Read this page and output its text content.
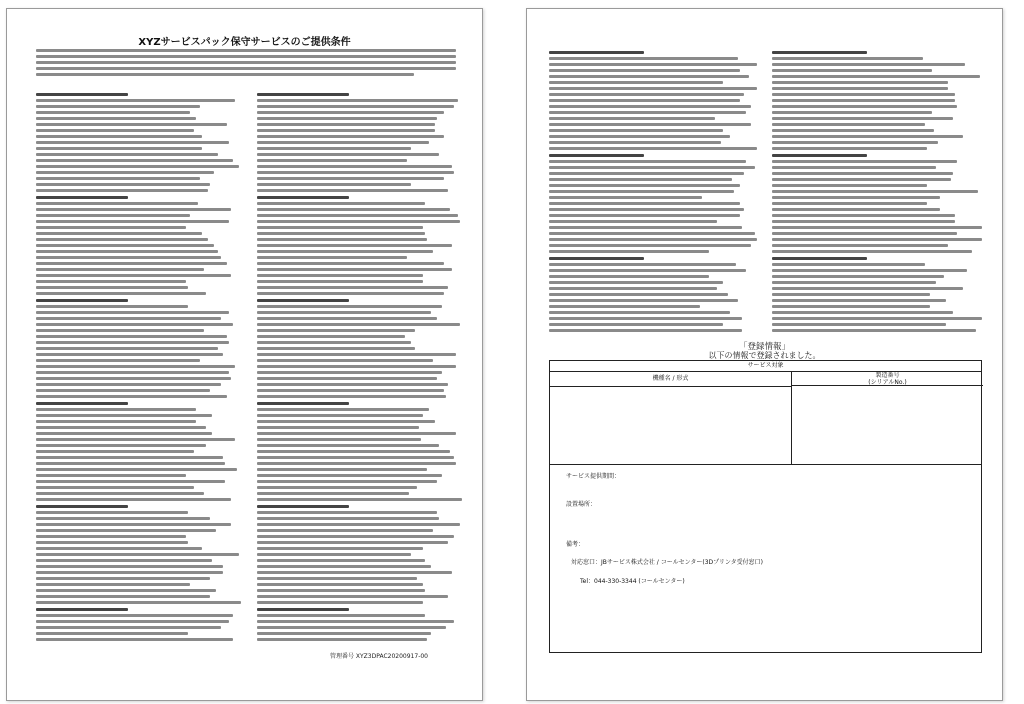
XYZサービスパック保守サービスのご提供条件
管理番号 XYZ3DPAC20200917-00
「登録情報」
以下の情報で登録されました。
サービス対象
機種名 / 形式	製造番号
(シリアルNo.)
サービス提供期間：
設置場所：
備考：
対応窓口：JBサービス株式会社 / コールセンター(3Dプリンタ受付窓口)
Tel：044-330-3344 (コールセンター)
